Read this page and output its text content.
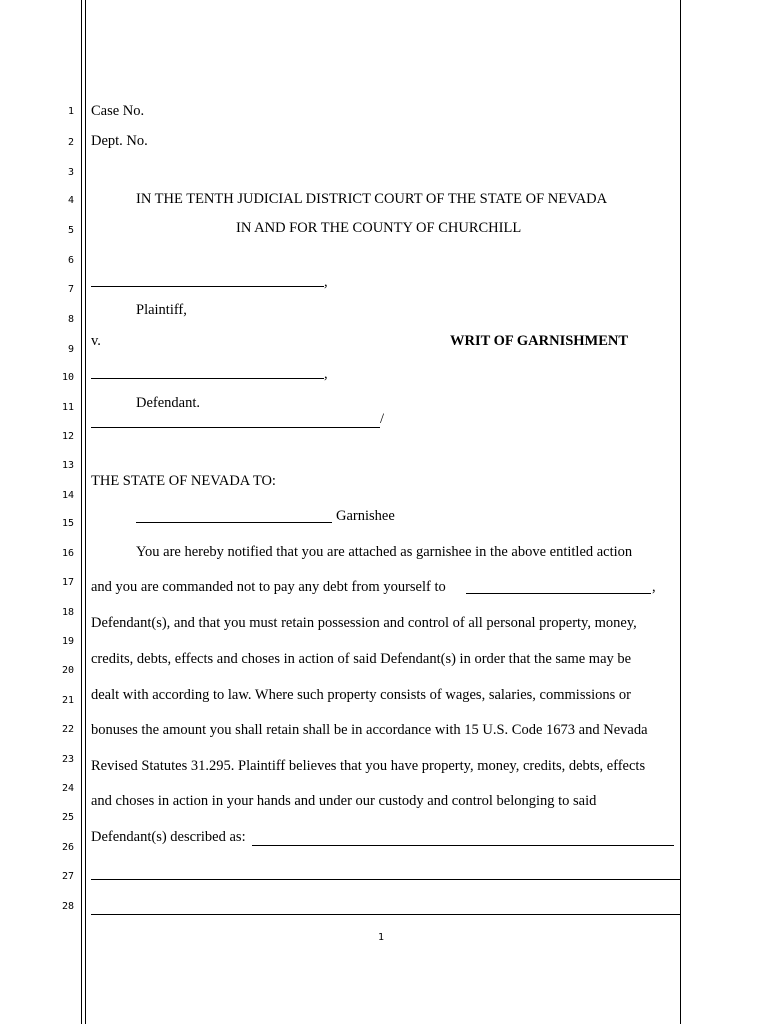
1
2
3
4
5
6
7
8
9
10
11
12
13
14
15
16
17
18
19
20
21
22
23
24
25
26
27
28
Case No.
Dept. No.
IN THE TENTH JUDICIAL DISTRICT COURT OF THE STATE OF NEVADA
IN AND FOR THE COUNTY OF CHURCHILL
,
Plaintiff,
v.	WRIT OF GARNISHMENT
,
Defendant.
/
THE STATE OF NEVADA TO:
Garnishee
You are hereby notified that you are attached as garnishee in the above entitled action
and you are commanded not to pay any debt from yourself to	,
Defendant(s), and that you must retain possession and control of all personal property, money,
credits, debts, effects and choses in action of said Defendant(s) in order that the same may be
dealt with according to law. Where such property consists of wages, salaries, commissions or
bonuses the amount you shall retain shall be in accordance with 15 U.S. Code 1673 and Nevada
Revised Statutes 31.295. Plaintiff believes that you have property, money, credits, debts, effects
and choses in action in your hands and under our custody and control belonging to said
Defendant(s) described as:
1
